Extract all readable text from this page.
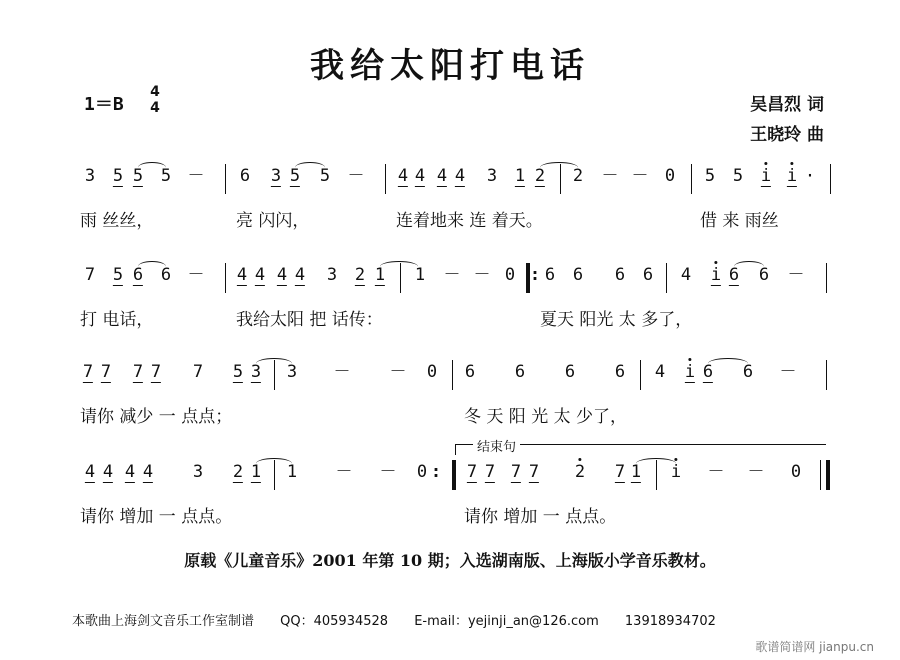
我给太阳打电话
1＝B
4
4	吴昌烈 词
王晓玲 曲
3 5 5 5 － 6 3 5 5 － 4 4 4 4 3 1 2 2 － － 0 5 5 i i ·
雨 丝丝，	亮 闪闪，	连着地来 连 着天。	借 来 雨丝
7 5 6 6 － 4 4 4 4 3 2 1 1 － － 0 : 6 6 6 6 4 i 6 6 －
打 电话，	我给太阳 把 话传：	夏天 阳光 太 多了，
7 7 7 7 7 5 3 3 － － 0 6 6 6 6 4 i 6 6 －
请你 减少 一 点点；	冬 天 阳 光 太 少了，
结束句
4 4 4 4 3 2 1 1 － － 0 : 7 7 7 7 2 7 1 i － － 0
请你 增加 一 点点。	请你 增加 一 点点。
原载《儿童音乐》2001 年第 10 期；入选湖南版、上海版小学音乐教材。
本歌曲上海剑文音乐工作室制谱 QQ：405934528 E-mail：yejinji_an@126.com 13918934702
歌谱简谱网 jianpu.cn
